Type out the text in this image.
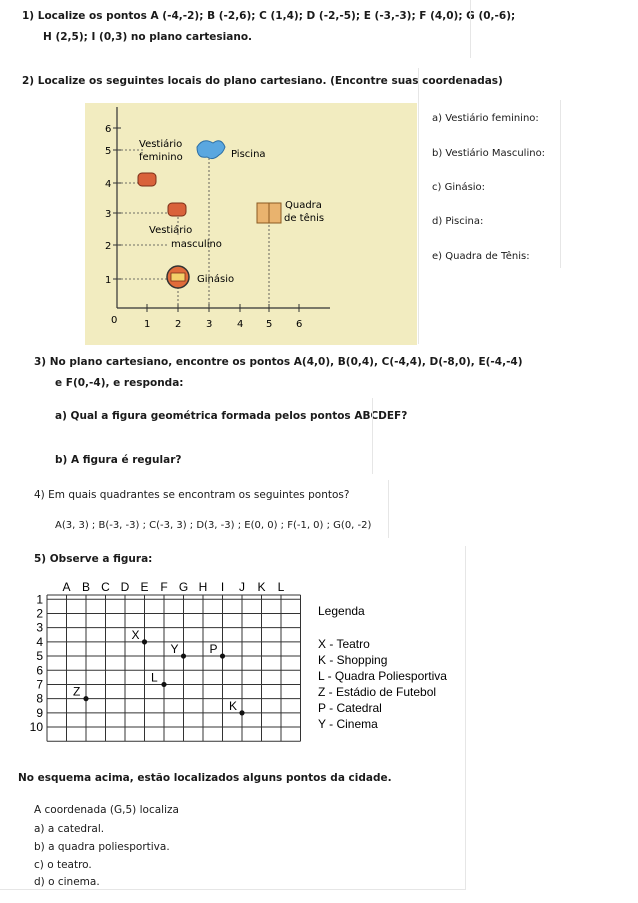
1) Localize os pontos A (-4,-2); B (-2,6); C (1,4); D (-2,-5); E (-3,-3); F (4,0); G (0,-6);
H (2,5); I (0,3) no plano cartesiano.
2) Localize os seguintes locais do plano cartesiano. (Encontre suas coordenadas)
1
2
3
4
5
6
0	1 2 3 4 5 6
Vestiário
feminino	Piscina
Quadra
de tênis
Vestiário
masculino
Ginásio
a) Vestiário feminino:
b) Vestiário Masculino:
c) Ginásio:
d) Piscina:
e) Quadra de Tênis:
3) No plano cartesiano, encontre os pontos A(4,0), B(0,4), C(-4,4), D(-8,0), E(-4,-4)
e F(0,-4), e responda:
a) Qual a figura geométrica formada pelos pontos ABCDEF?
b) A figura é regular?
4) Em quais quadrantes se encontram os seguintes pontos?
A(3, 3) ; B(-3, -3) ; C(-3, 3) ; D(3, -3) ; E(0, 0) ; F(-1, 0) ; G(0, -2)
5) Observe a figura:
A B C D E F G H I J K L
1
2
3
4
5
6
7
8
9
10
X
Y	P
L
Z
K
Legenda
X - Teatro
K - Shopping
L - Quadra Poliesportiva
Z - Estádio de Futebol
P - Catedral
Y - Cinema
No esquema acima, estão localizados alguns pontos da cidade.
A coordenada (G,5) localiza
a) a catedral.
b) a quadra poliesportiva.
c) o teatro.
d) o cinema.
